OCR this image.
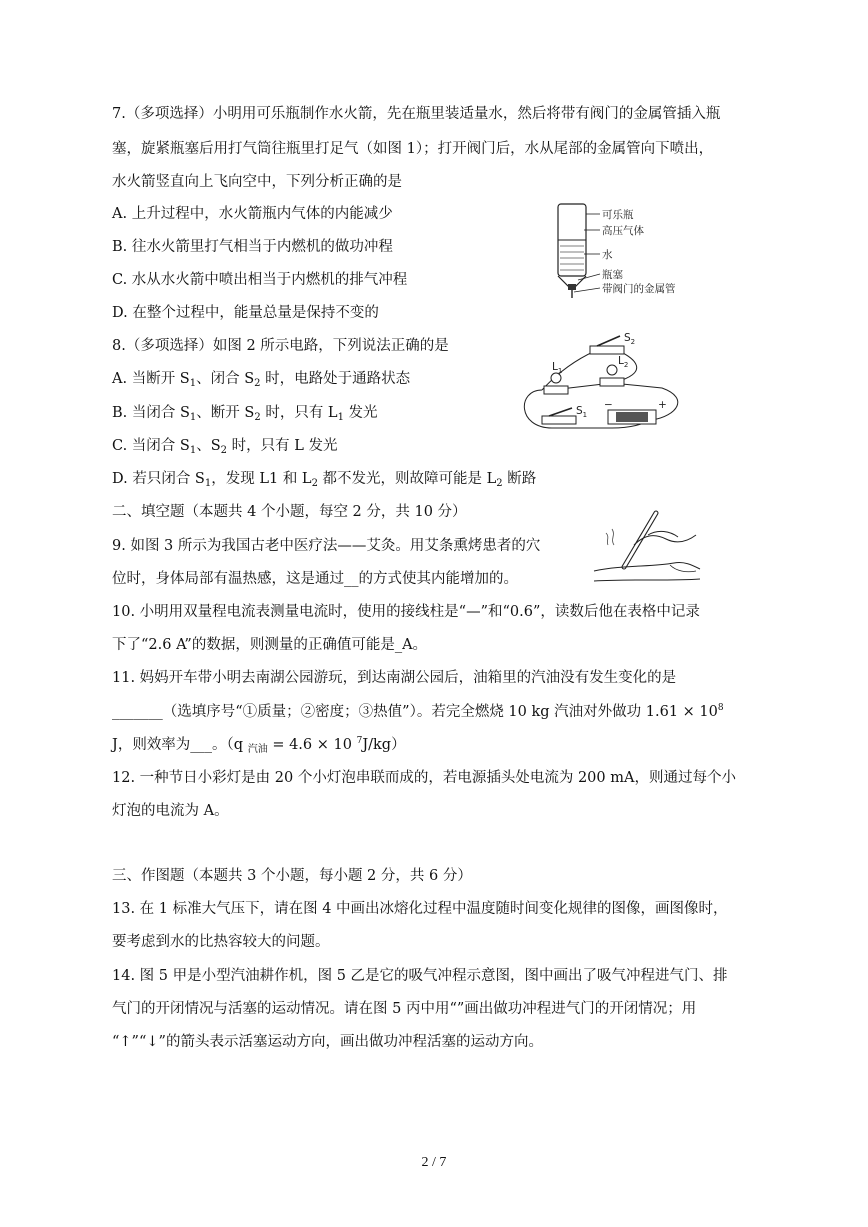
7.（多项选择）小明用可乐瓶制作水火箭，先在瓶里装适量水，然后将带有阀门的金属管插入瓶
塞，旋紧瓶塞后用打气筒往瓶里打足气（如图 1）；打开阀门后，水从尾部的金属管向下喷出，
水火箭竖直向上飞向空中，下列分析正确的是
A. 上升过程中，水火箭瓶内气体的内能减少
B. 往水火箭里打气相当于内燃机的做功冲程
C. 水从水火箭中喷出相当于内燃机的排气冲程
D. 在整个过程中，能量总量是保持不变的
可乐瓶
高压气体
水
瓶塞
带阀门的金属管
8.（多项选择）如图 2 所示电路，下列说法正确的是
A. 当断开 $S_1$、闭合 $S_2$ 时，电路处于通路状态
B. 当闭合 $S_1$、断开 $S_2$ 时，只有 $L_1$ 发光
C. 当闭合 $S_1$、$S_2$ 时，只有 L 发光
D. 若只闭合 $S_1$，发现 L1 和 $L_2$ 都不发光，则故障可能是 $L_2$ 断路
$S_2$
$L_1$
$L_2$
$S_1$
−	+
二、填空题（本题共 4 个小题，每空 2 分，共 10 分）
9. 如图 3 所示为我国古老中医疗法——艾灸。用艾条熏烤患者的穴
位时，身体局部有温热感，这是通过__的方式使其内能增加的。
10. 小明用双量程电流表测量电流时，使用的接线柱是“—”和“0.6”，读数后他在表格中记录
下了“2.6 A”的数据，则测量的正确值可能是_A。
11. 妈妈开车带小明去南湖公园游玩，到达南湖公园后，油箱里的汽油没有发生变化的是
_______（选填序号“①质量；②密度；③热值”）。若完全燃烧 10 kg 汽油对外做功 $1.61 \times 10^8$
J，则效率为___。（q $_{汽油}$ = 4.6 × 10 $^7$J/kg）
12. 一种节日小彩灯是由 20 个小灯泡串联而成的，若电源插头处电流为 200 mA，则通过每个小
灯泡的电流为 A。
三、作图题（本题共 3 个小题，每小题 2 分，共 6 分）
13. 在 1 标准大气压下，请在图 4 中画出冰熔化过程中温度随时间变化规律的图像，画图像时，
要考虑到水的比热容较大的问题。
14. 图 5 甲是小型汽油耕作机，图 5 乙是它的吸气冲程示意图，图中画出了吸气冲程进气门、排
气门的开闭情况与活塞的运动情况。请在图 5 丙中用“”画出做功冲程进气门的开闭情况；用
“↑”“↓”的箭头表示活塞运动方向，画出做功冲程活塞的运动方向。
2 / 7
